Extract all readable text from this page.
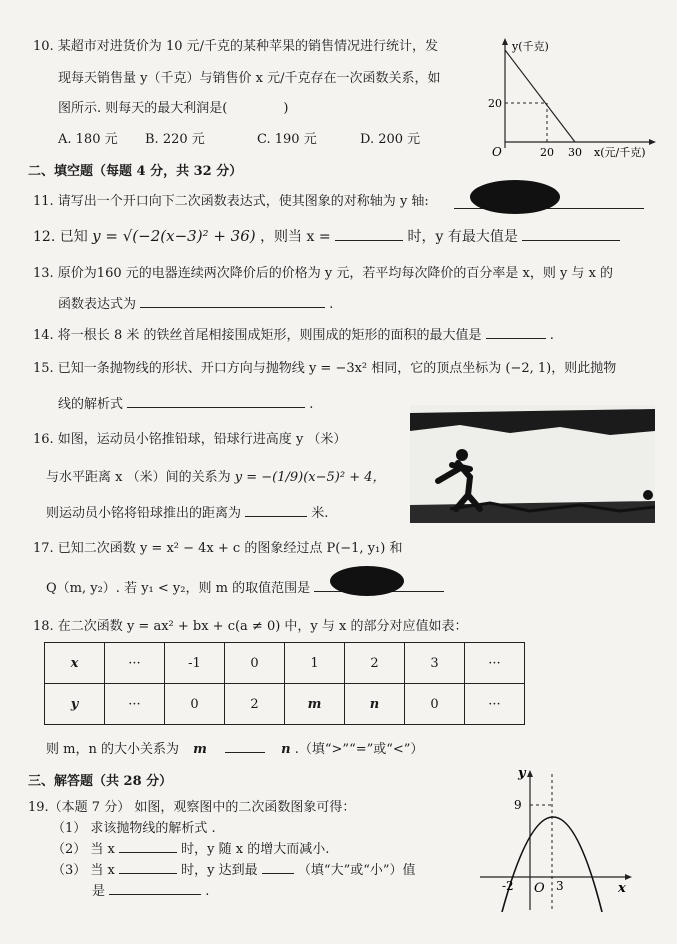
10. 某超市对进货价为 10 元/千克的某种苹果的销售情况进行统计，发
现每天销售量 y（千克）与销售价 x 元/千克存在一次函数关系，如
图所示. 则每天的最大利润是(	)
A. 180 元 B. 220 元	C. 190 元	D. 200 元
y(千克)
x(元/千克)
O
20
20 30
二、填空题（每题 4 分，共 32 分）
11. 请写出一个开口向下二次函数表达式，使其图象的对称轴为 y 轴:
12. 已知 y = √(−2(x−3)² + 36) ，则当 x =	时，y 有最大值是
13. 原价为160 元的电器连续两次降价后的价格为 y 元，若平均每次降价的百分率是 x，则 y 与 x 的
函数表达式为	.
14. 将一根长 8 米 的铁丝首尾相接围成矩形，则围成的矩形的面积的最大值是	.
15. 已知一条抛物线的形状、开口方向与抛物线 y = −3x² 相同，它的顶点坐标为 (−2, 1)，则此抛物
线的解析式	.
16. 如图，运动员小铭推铅球，铅球行进高度 y （米）
与水平距离 x （米）间的关系为 y = −(1/9)(x−5)² + 4，
则运动员小铭将铅球推出的距离为	米.
17. 已知二次函数 y = x² − 4x + c 的图象经过点 P(−1, y₁) 和
Q（m, y₂）. 若 y₁ < y₂，则 m 的取值范围是
18. 在二次函数 y = ax² + bx + c(a ≠ 0) 中，y 与 x 的部分对应值如表：
x	···	-1	0	1	2	3	···
y	···	0	2	m	n	0	···
则 m，n 的大小关系为 m	n .（填“>”“=”或“<”）
三、解答题（共 28 分）
19.（本题 7 分） 如图，观察图中的二次函数图象可得：
（1） 求该抛物线的解析式 .
（2） 当 x	时，y 随 x 的增大而减小.
（3） 当 x	时，y 达到最	（填“大”或“小”）值
是	.
y
x
9
-2 O 3
